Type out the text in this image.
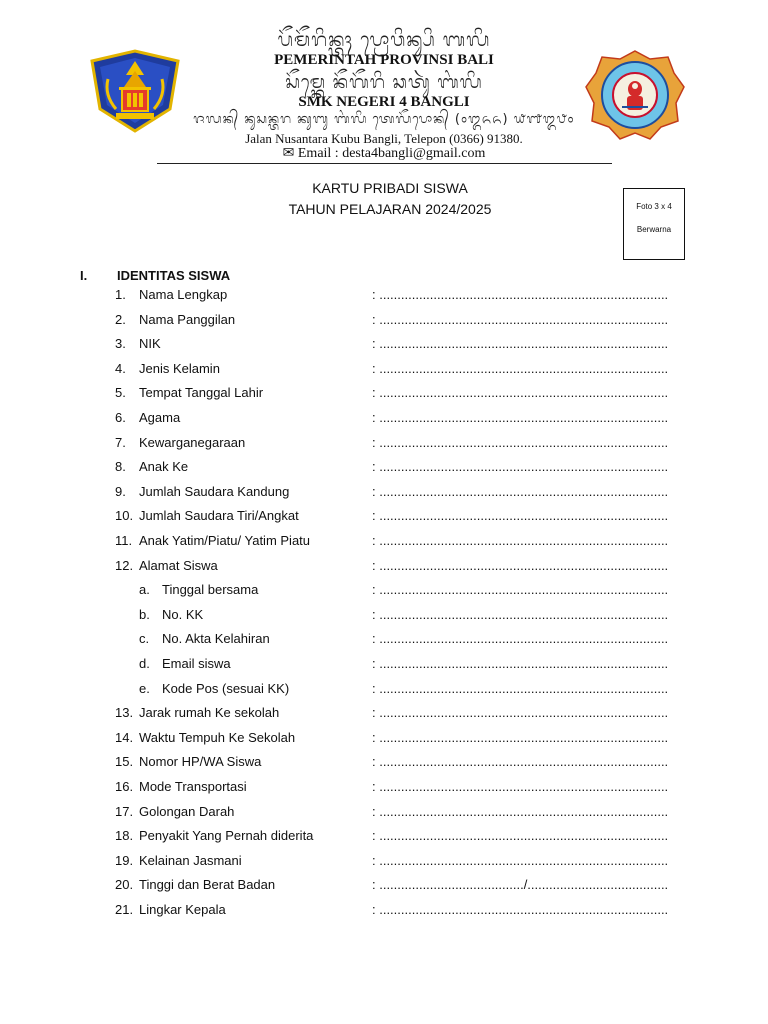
ᬧᭂᬫᭂᬭᬶᬦ᭄ᬢᬄ ᬧ᭄ᬭᭀᬯᬶᬦ᭄ᬲᬶ ᬩᬮᬶ
PEMERINTAH PROVINSI BALI
ᬲᭂᬫ᭄ᬓᬾ ᬦᭂᬕᭂᬭᬶ ᬘᬢᬸᬃ ᬩᬂᬮᬶ
SMK NEGERI 4 BANGLI
ᬚᬮᬦ᭄ ᬦᬸᬲᬦ᭄ᬢᬭ ᬓᬸᬩᬸ ᬩᬂᬮᬶ ᬢᬾᬮᭂᬧᭀᬦ᭄ (᭐᭓᭖᭖) ᭙᭑᭓᭘᭐
Jalan Nusantara Kubu Bangli, Telepon (0366) 91380.
✉ Email : desta4bangli@gmail.com
KARTU PRIBADI SISWA
TAHUN PELAJARAN 2024/2025	Foto 3 x 4
Berwarna
I. IDENTITAS SISWA
1. Nama Lengkap	: ................................................................................
2. Nama Panggilan	: ................................................................................
3. NIK	: ................................................................................
4. Jenis Kelamin	: ................................................................................
5. Tempat Tanggal Lahir	: ................................................................................
6. Agama	: ................................................................................
7. Kewarganegaraan	: ................................................................................
8. Anak Ke	: ................................................................................
9. Jumlah Saudara Kandung	: ................................................................................
10. Jumlah Saudara Tiri/Angkat	: ................................................................................
11. Anak Yatim/Piatu/ Yatim Piatu	: ................................................................................
12. Alamat Siswa	: ................................................................................
a. Tinggal bersama	: ................................................................................
b. No. KK	: ................................................................................
c. No. Akta Kelahiran	: ................................................................................
d. Email siswa	: ................................................................................
e. Kode Pos (sesuai KK)	: ................................................................................
13. Jarak rumah Ke sekolah	: ................................................................................
14. Waktu Tempuh Ke Sekolah	: ................................................................................
15. Nomor HP/WA Siswa	: ................................................................................
16. Mode Transportasi	: ................................................................................
17. Golongan Darah	: ................................................................................
18. Penyakit Yang Pernah diderita	: ................................................................................
19. Kelainan Jasmani	: ................................................................................
20. Tinggi dan Berat Badan	: ......................................../.......................................
21. Lingkar Kepala	: ................................................................................
